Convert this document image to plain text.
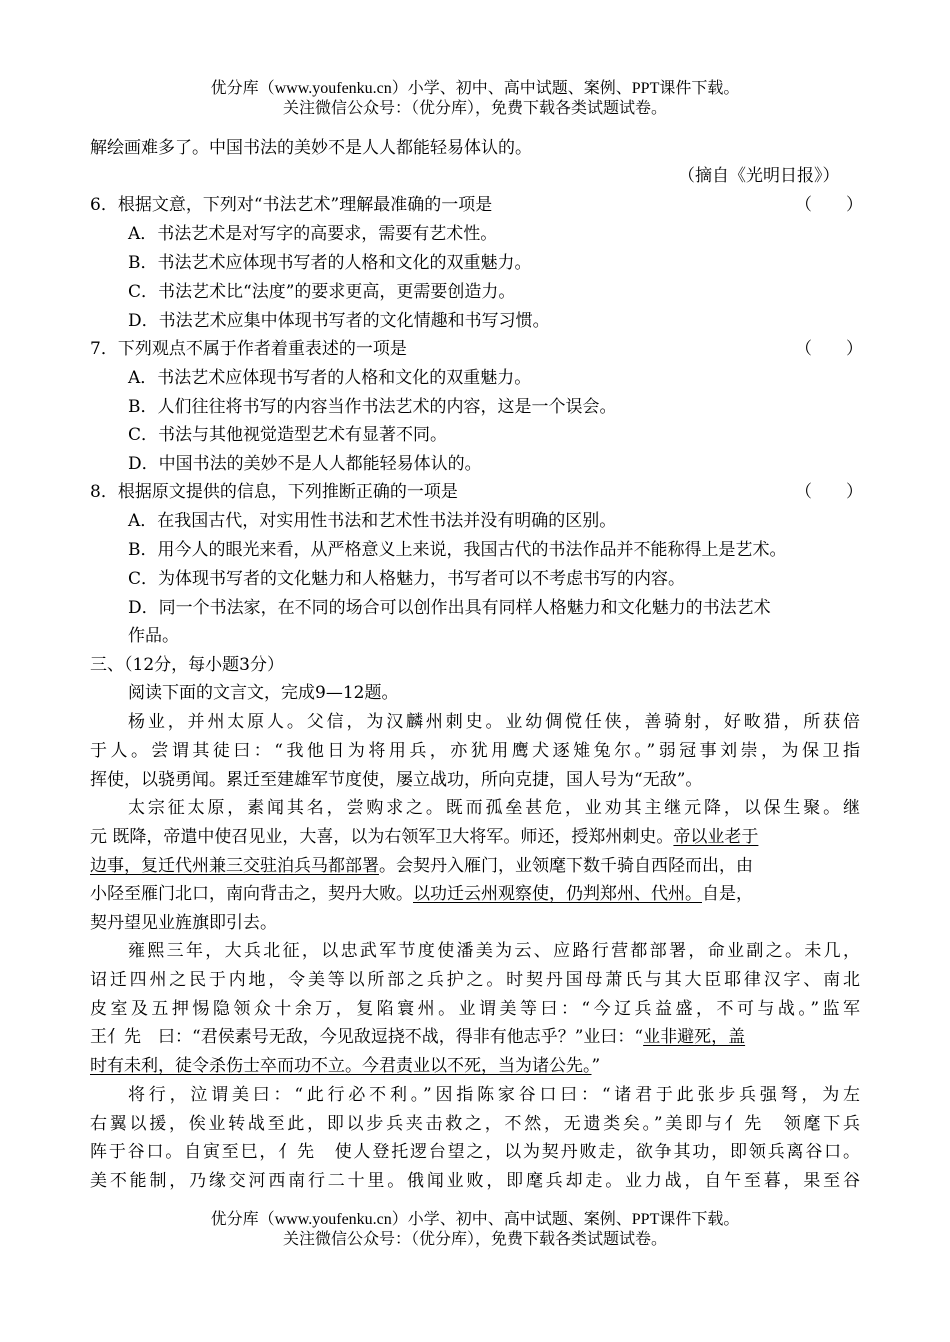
优分库（www.youfenku.cn）小学、初中、高中试题、案例、PPT课件下载。
关注微信公众号：（优分库），免费下载各类试题试卷。
解绘画难多了。中国书法的美妙不是人人都能轻易体认的。
（摘自《光明日报》）
6．根据文意，下列对“书法艺术”理解最准确的一项是	（　　）
A．书法艺术是对写字的高要求，需要有艺术性。
B．书法艺术应体现书写者的人格和文化的双重魅力。
C．书法艺术比“法度”的要求更高，更需要创造力。
D．书法艺术应集中体现书写者的文化情趣和书写习惯。
7．下列观点不属于作者着重表述的一项是	（　　）
A．书法艺术应体现书写者的人格和文化的双重魅力。
B．人们往往将书写的内容当作书法艺术的内容，这是一个误会。
C．书法与其他视觉造型艺术有显著不同。
D．中国书法的美妙不是人人都能轻易体认的。
8．根据原文提供的信息，下列推断正确的一项是	（　　）
A．在我国古代，对实用性书法和艺术性书法并没有明确的区别。
B．用今人的眼光来看，从严格意义上来说，我国古代的书法作品并不能称得上是艺术。
C．为体现书写者的文化魅力和人格魅力，书写者可以不考虑书写的内容。
D．同一个书法家，在不同的场合可以创作出具有同样人格魅力和文化魅力的书法艺术
作品。
三、（12分，每小题3分）
阅读下面的文言文，完成9—12题。
杨业，并州太原人。父信，为汉麟州刺史。业幼倜傥任侠，善骑射，好畋猎，所获倍
于人。尝谓其徒曰：“我他日为将用兵，亦犹用鹰犬逐雉兔尔。”弱冠事刘崇，为保卫指
挥使，以骁勇闻。累迁至建雄军节度使，屡立战功，所向克捷，国人号为“无敌”。
太宗征太原，素闻其名，尝购求之。既而孤垒甚危，业劝其主继元降，以保生聚。继
元 既降，帝遣中使召见业，大喜，以为右领军卫大将军。师还，授郑州刺史。帝以业老于
边事，复迁代州兼三交驻泊兵马都部署。会契丹入雁门，业领麾下数千骑自西陉而出，由
小陉至雁门北口，南向背击之，契丹大败。以功迁云州观察使，仍判郑州、代州。自是，
契丹望见业旌旗即引去。
雍熙三年，大兵北征，以忠武军节度使潘美为云、应路行营都部署，命业副之。未几，
诏迁四州之民于内地，令美等以所部之兵护之。时契丹国母萧氏与其大臣耶律汉字、南北
皮室及五押惕隐领众十余万，复陷寰州。业谓美等曰：“今辽兵益盛，不可与战。”监军
王亻先　曰：“君侯素号无敌，今见敌逗挠不战，得非有他志乎？”业曰：“业非避死，盖
时有未利，徒令杀伤士卒而功不立。今君责业以不死，当为诸公先。”
将行，泣谓美曰：“此行必不利。”因指陈家谷口曰：“诸君于此张步兵强弩，为左
右翼以援，俟业转战至此，即以步兵夹击救之，不然，无遗类矣。”美即与亻先　领麾下兵
阵于谷口。自寅至巳，亻先　使人登托逻台望之，以为契丹败走，欲争其功，即领兵离谷口。
美不能制，乃缘交河西南行二十里。俄闻业败，即麾兵却走。业力战，自午至暮，果至谷
优分库（www.youfenku.cn）小学、初中、高中试题、案例、PPT课件下载。
关注微信公众号：（优分库），免费下载各类试题试卷。
